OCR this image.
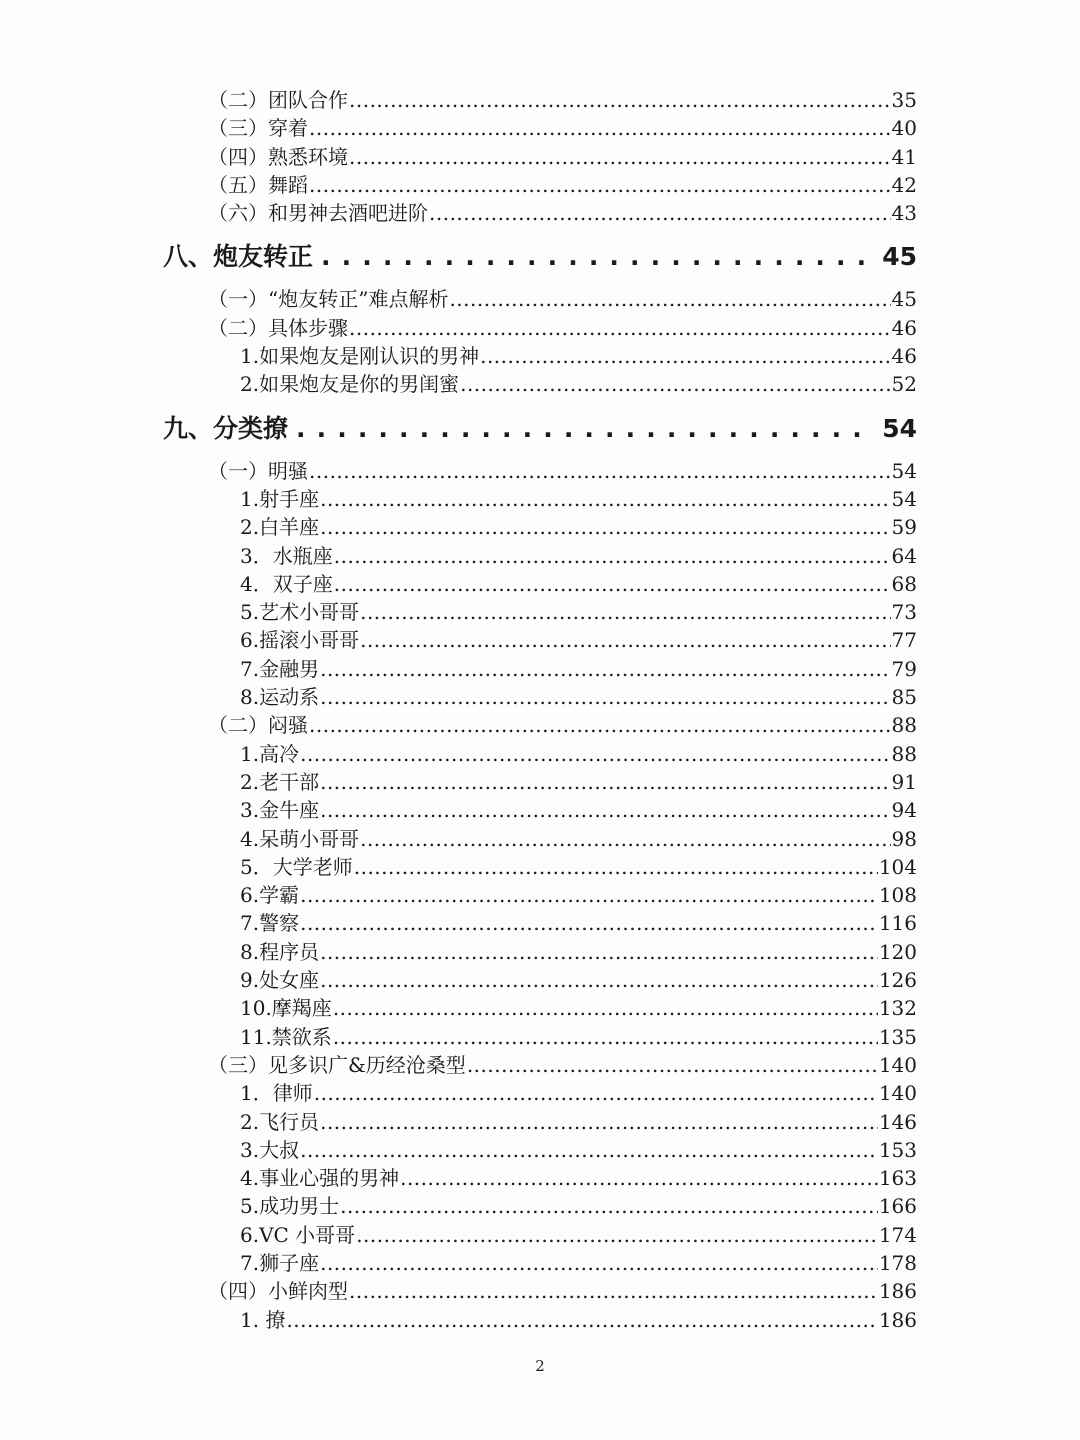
（二）团队合作 .....	35
（三）穿着 .....	40
（四）熟悉环境 .....	41
（五）舞蹈 .....	42
（六）和男神去酒吧进阶 .....	43
八、炮友转正 . . .	45
（一）“炮友转正”难点解析 .....	45
（二）具体步骤 .....	46
1.如果炮友是刚认识的男神 .....	46
2.如果炮友是你的男闺蜜 .....	52
九、分类撩 . . .	54
（一）明骚 .....	54
1.射手座 .....	54
2.白羊座 .....	59
3．水瓶座 .....	64
4．双子座 .....	68
5.艺术小哥哥 .....	73
6.摇滚小哥哥 .....	77
7.金融男 .....	79
8.运动系 .....	85
（二）闷骚 .....	88
1.高冷 .....	88
2.老干部 .....	91
3.金牛座 .....	94
4.呆萌小哥哥 .....	98
5．大学老师 .....	104
6.学霸 .....	108
7.警察 .....	116
8.程序员 .....	120
9.处女座 .....	126
10.摩羯座 .....	132
11.禁欲系 .....	135
（三）见多识广&历经沧桑型 .....	140
1．律师 .....	140
2.飞行员 .....	146
3.大叔 .....	153
4.事业心强的男神 .....	163
5.成功男士 .....	166
6.VC 小哥哥 .....	174
7.狮子座 .....	178
（四）小鲜肉型 .....	186
1. 撩 .....	186
2
